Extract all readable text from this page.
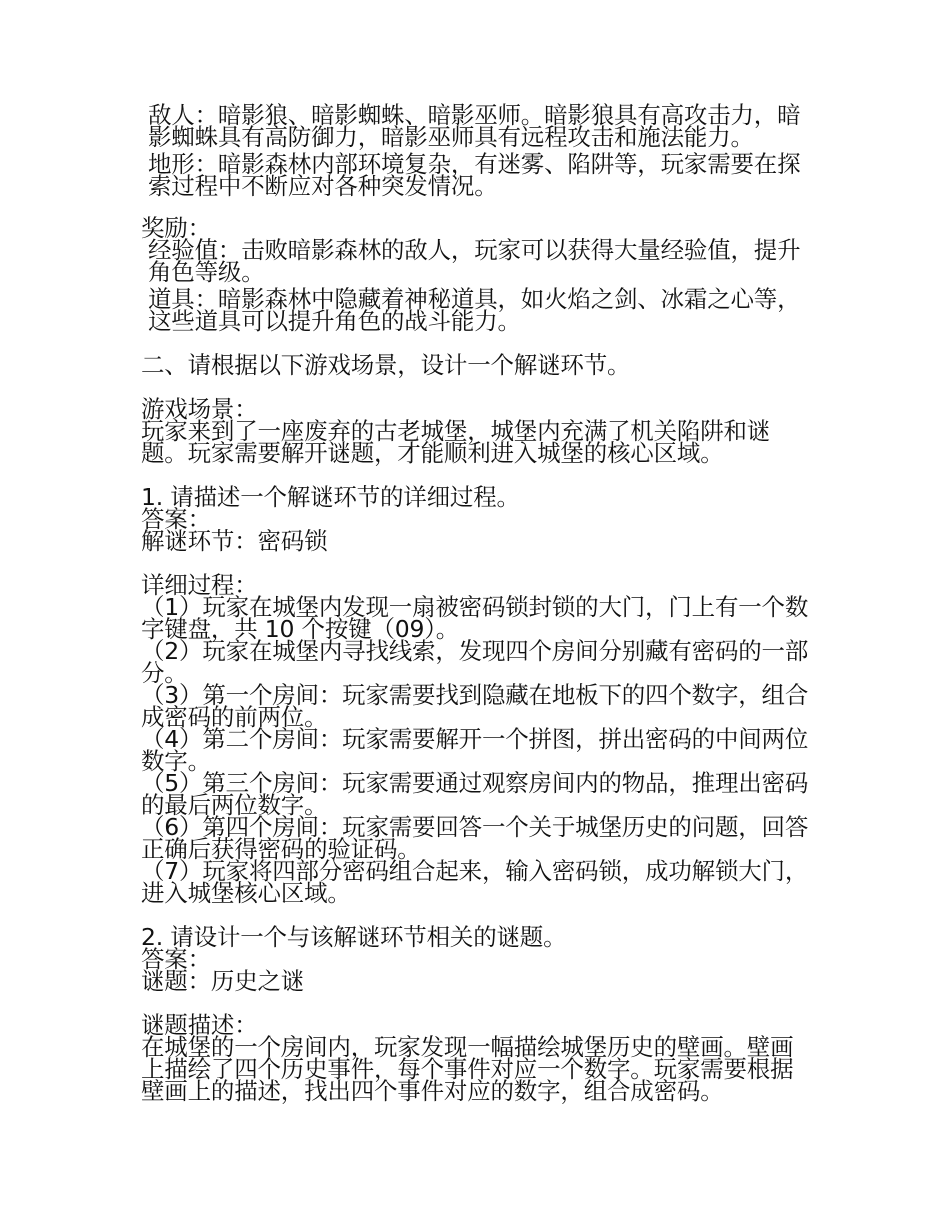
敌人：暗影狼、暗影蜘蛛、暗影巫师。暗影狼具有高攻击力，暗影蜘蛛具有高防御力，暗影巫师具有远程攻击和施法能力。

地形：暗影森林内部环境复杂，有迷雾、陷阱等，玩家需要在探索过程中不断应对各种突发情况。

奖励：

经验值：击败暗影森林的敌人，玩家可以获得大量经验值，提升角色等级。

道具：暗影森林中隐藏着神秘道具，如火焰之剑、冰霜之心等，这些道具可以提升角色的战斗能力。

二、请根据以下游戏场景，设计一个解谜环节。

游戏场景：

玩家来到了一座废弃的古老城堡，城堡内充满了机关陷阱和谜题。玩家需要解开谜题，才能顺利进入城堡的核心区域。

1. 请描述一个解谜环节的详细过程。

答案：

解谜环节：密码锁

详细过程：

（1）玩家在城堡内发现一扇被密码锁封锁的大门，门上有一个数字键盘，共 10 个按键（09）。

（2）玩家在城堡内寻找线索，发现四个房间分别藏有密码的一部分。

（3）第一个房间：玩家需要找到隐藏在地板下的四个数字，组合成密码的前两位。

（4）第二个房间：玩家需要解开一个拼图，拼出密码的中间两位数字。

（5）第三个房间：玩家需要通过观察房间内的物品，推理出密码的最后两位数字。

（6）第四个房间：玩家需要回答一个关于城堡历史的问题，回答正确后获得密码的验证码。

（7）玩家将四部分密码组合起来，输入密码锁，成功解锁大门，进入城堡核心区域。

2. 请设计一个与该解谜环节相关的谜题。

答案：

谜题：历史之谜

谜题描述：

在城堡的一个房间内，玩家发现一幅描绘城堡历史的壁画。壁画上描绘了四个历史事件，每个事件对应一个数字。玩家需要根据壁画上的描述，找出四个事件对应的数字，组合成密码。
